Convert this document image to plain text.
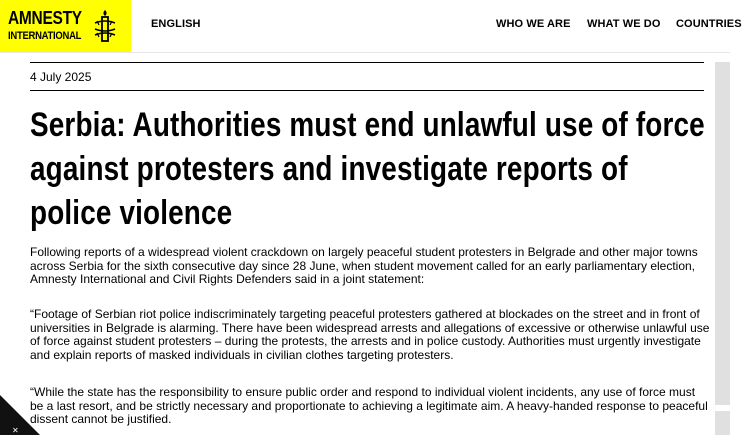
AMNESTY
INTERNATIONAL
ENGLISH	WHO WE ARE WHAT WE DO COUNTRIES
4 July 2025
Serbia: Authorities must end unlawful use of force against protesters and investigate reports of police violence

Following reports of a widespread violent crackdown on largely peaceful student protesters in Belgrade and other major towns across Serbia for the sixth consecutive day since 28 June, when student movement called for an early parliamentary election, Amnesty International and Civil Rights Defenders said in a joint statement:

“Footage of Serbian riot police indiscriminately targeting peaceful protesters gathered at blockades on the street and in front of universities in Belgrade is alarming. There have been widespread arrests and allegations of excessive or otherwise unlawful use of force against student protesters – during the protests, the arrests and in police custody. Authorities must urgently investigate and explain reports of masked individuals in civilian clothes targeting protesters.

“While the state has the responsibility to ensure public order and respond to individual violent incidents, any use of force must be a last resort, and be strictly necessary and proportionate to achieving a legitimate aim. A heavy-handed response to peaceful dissent cannot be justified.

✕
